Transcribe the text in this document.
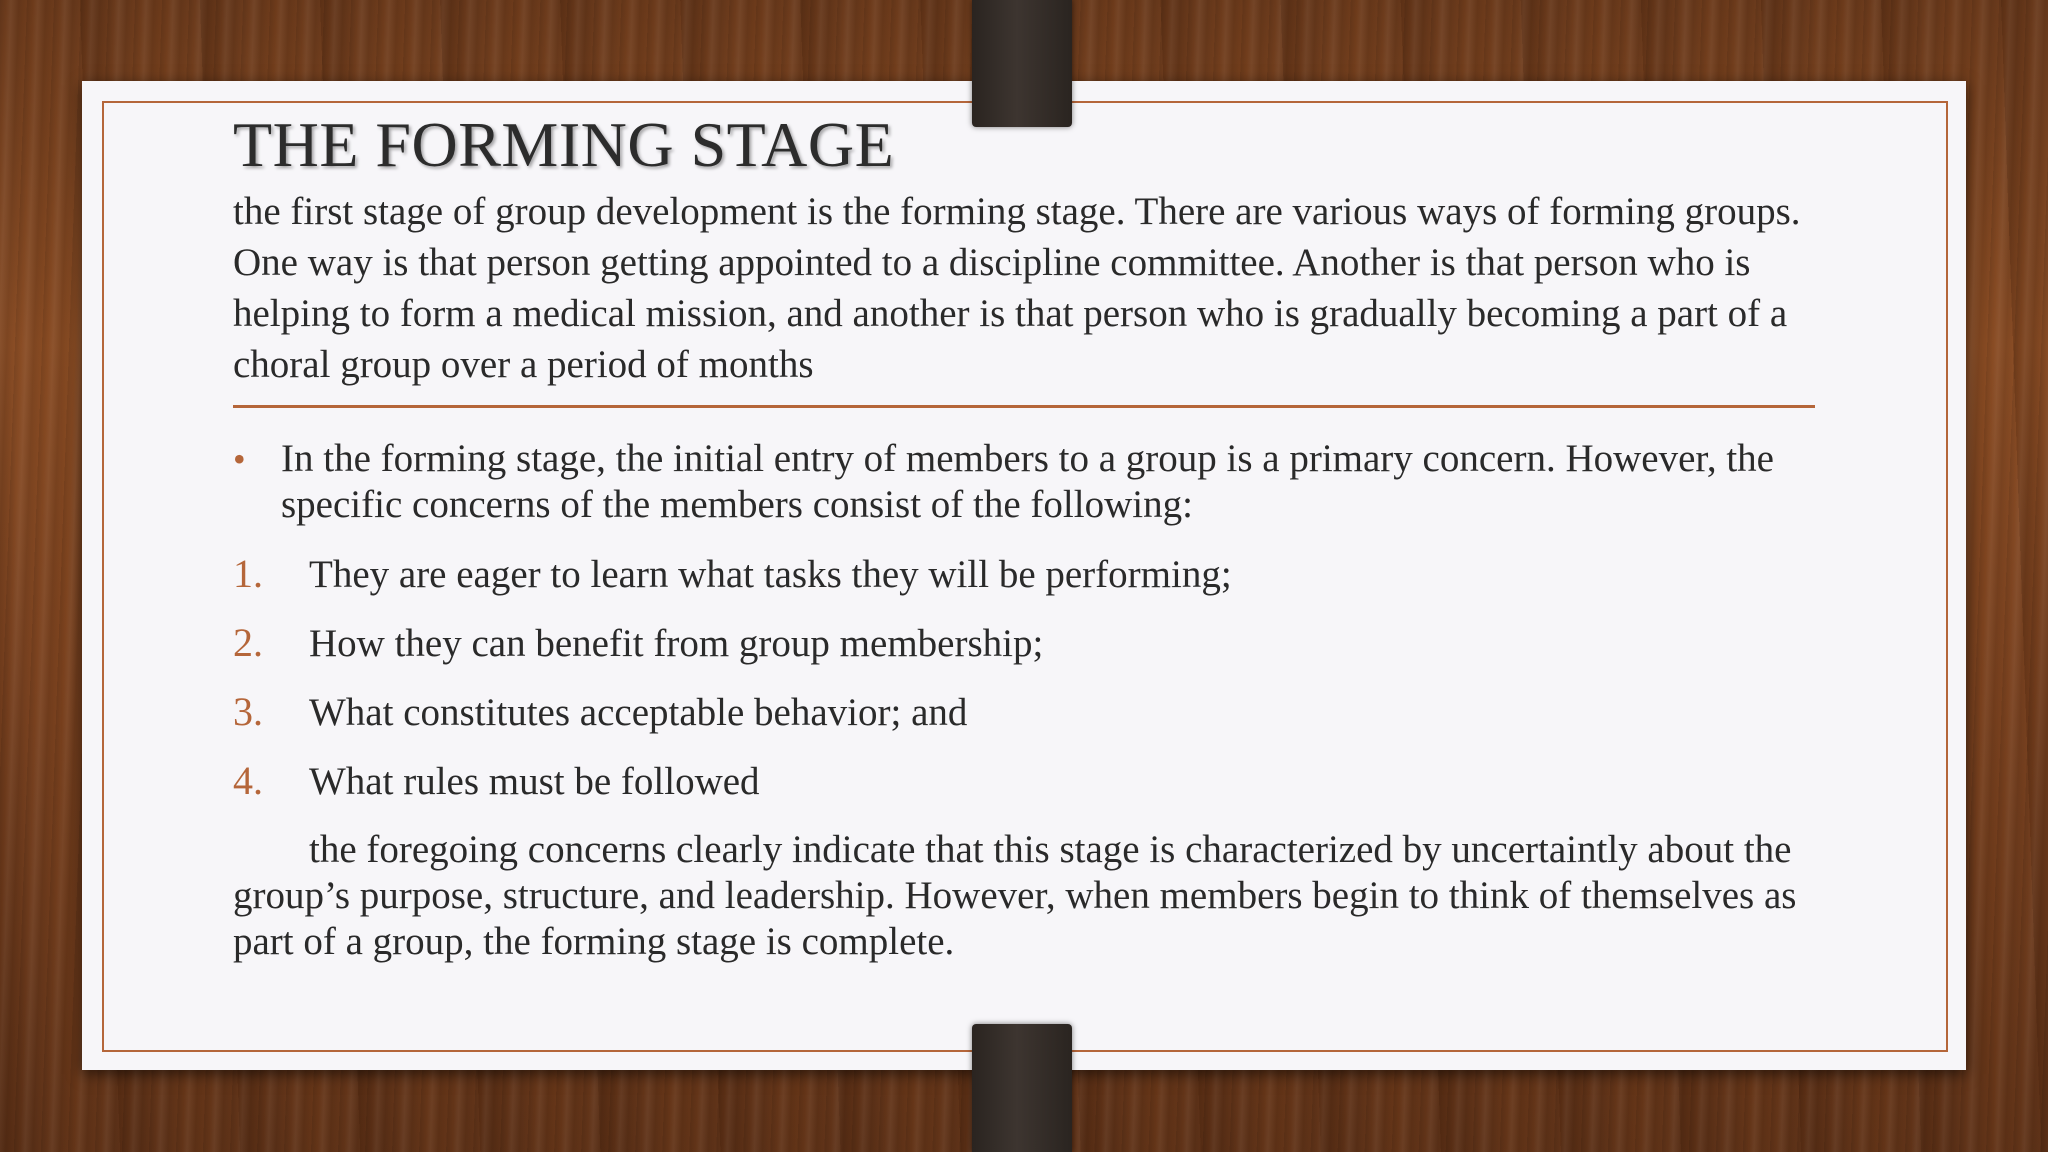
THE FORMING STAGE

the first stage of group development is the forming stage. There are various ways of forming groups. One way is that person getting appointed to a discipline committee. Another is that person who is helping to form a medical mission, and another is that person who is gradually becoming a part of a choral group over a period of months

• In the forming stage, the initial entry of members to a group is a primary concern. However, the specific concerns of the members consist of the following:
1. They are eager to learn what tasks they will be performing;
2. How they can benefit from group membership;
3. What constitutes acceptable behavior; and
4. What rules must be followed

the foregoing concerns clearly indicate that this stage is characterized by uncertaintly about the group’s purpose, structure, and leadership. However, when members begin to think of themselves as part of a group, the forming stage is complete.
